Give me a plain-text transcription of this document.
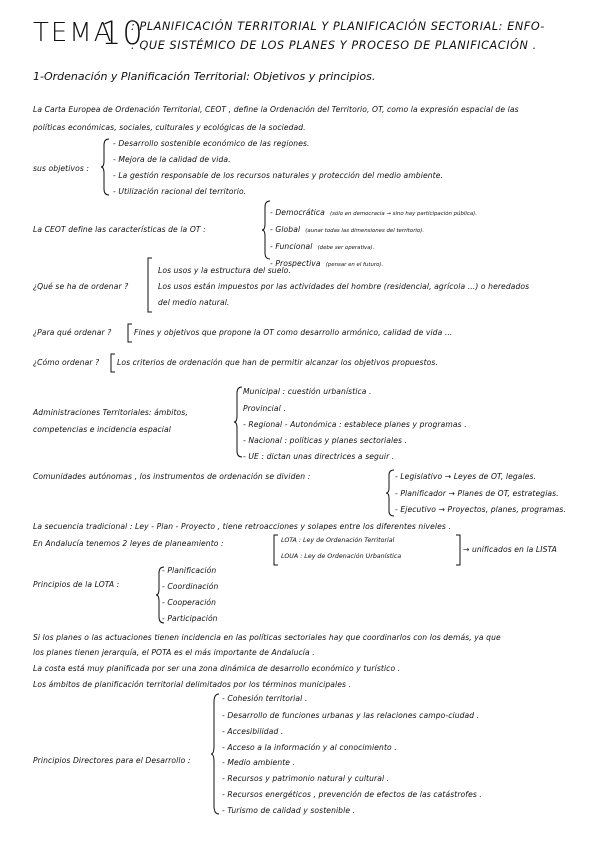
TEMA
10
: PLANIFICACIÓN TERRITORIAL Y PLANIFICACIÓN SECTORIAL: ENFO-
: QUE SISTÉMICO DE LOS PLANES Y PROCESO DE PLANIFICACIÓN .
1-Ordenación y Planificación Territorial: Objetivos y principios.
La Carta Europea de Ordenación Territorial, CEOT , define la Ordenación del Territorio, OT, como la expresión espacial de las
políticas económicas, sociales, culturales y ecológicas de la sociedad.
sus objetivos :
- Desarrollo sostenible económico de las regiones.
- Mejora de la calidad de vida.
- La gestión responsable de los recursos naturales y protección del medio ambiente.
- Utilización racional del territorio.
La CEOT define las características de la OT :
- Democrática (sólo en democracia → sino hay participación pública).
- Global (aunar todas las dimensiones del territorio).
- Funcional (debe ser operativa).
- Prospectiva (pensar en el futuro).
¿Qué se ha de ordenar ?
Los usos y la estructura del suelo.
Los usos están impuestos por las actividades del hombre (residencial, agrícola ...) o heredados
del medio natural.
¿Para qué ordenar ?	Fines y objetivos que propone la OT como desarrollo armónico, calidad de vida ...
¿Cómo ordenar ? Los criterios de ordenación que han de permitir alcanzar los objetivos propuestos.
Administraciones Territoriales: ámbitos,
competencias e incidencia espacial
Municipal : cuestión urbanística .
Provincial .
- Regional - Autonómica : establece planes y programas .
- Nacional : políticas y planes sectoriales .
- UE : dictan unas directrices a seguir .
Comunidades autónomas , los instrumentos de ordenación se dividen :	- Legislativo → Leyes de OT, legales.
- Planificador → Planes de OT, estrategias.
- Ejecutivo → Proyectos, planes, programas.
La secuencia tradicional : Ley - Plan - Proyecto , tiene retroacciones y solapes entre los diferentes niveles .
En Andalucía tenemos 2 leyes de planeamiento :	LOTA : Ley de Ordenación Territorial
LOUA : Ley de Ordenación Urbanística
→ unificados en la LISTA
Principios de la LOTA :
- Planificación
- Coordinación
- Cooperación
- Participación
Si los planes o las actuaciones tienen incidencia en las políticas sectoriales hay que coordinarlos con los demás, ya que
los planes tienen jerarquía, el POTA es el más importante de Andalucía .
La costa está muy planificada por ser una zona dinámica de desarrollo económico y turístico .
Los ámbitos de planificación territorial delimitados por los términos municipales .
Principios Directores para el Desarrollo :
- Cohesión territorial .
- Desarrollo de funciones urbanas y las relaciones campo-ciudad .
- Accesibilidad .
- Acceso a la información y al conocimiento .
- Medio ambiente .
- Recursos y patrimonio natural y cultural .
- Recursos energéticos , prevención de efectos de las catástrofes .
- Turismo de calidad y sostenible .
